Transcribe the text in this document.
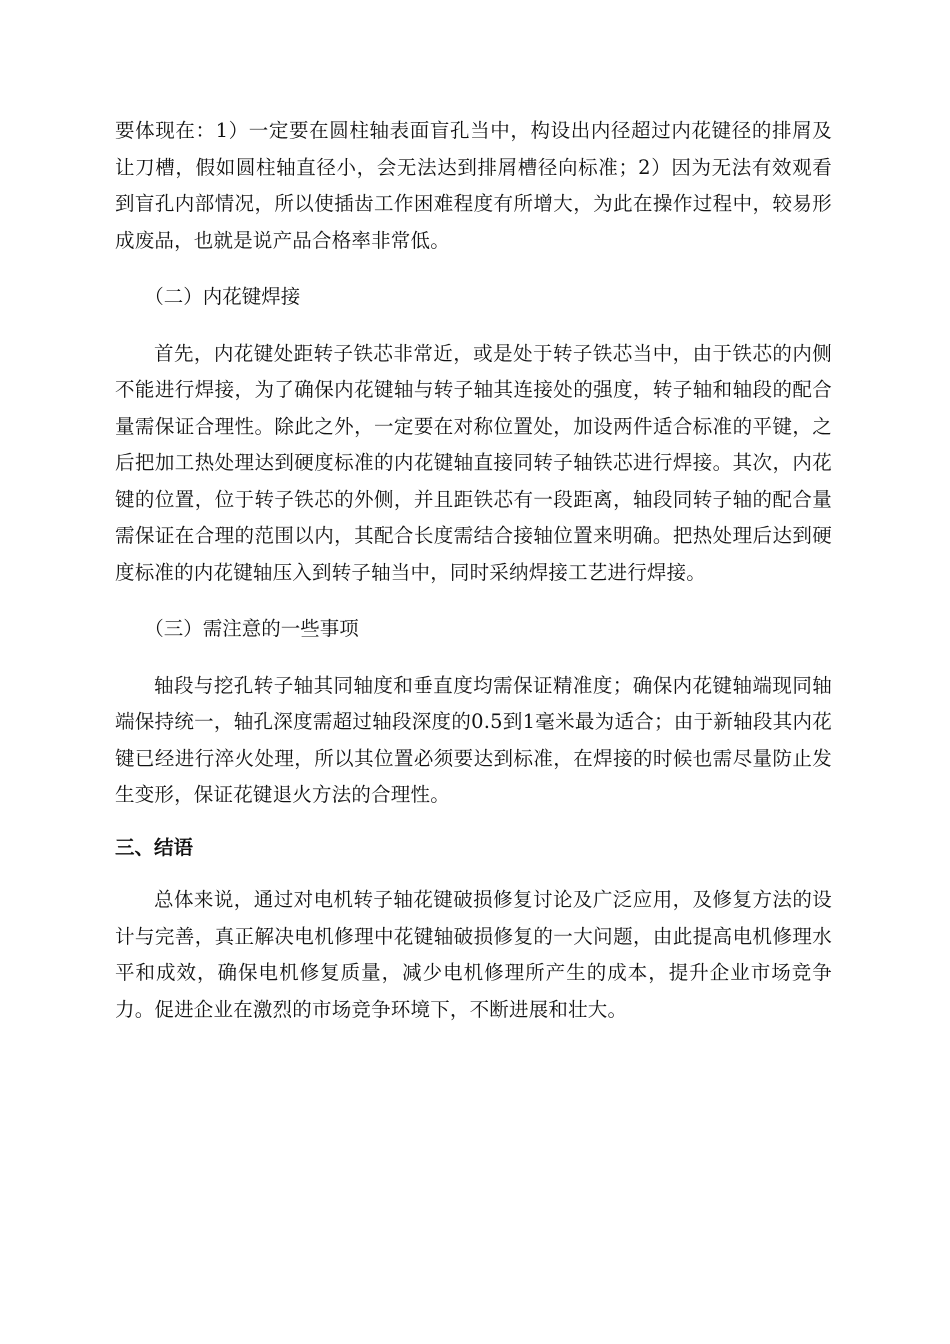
要体现在：1）一定要在圆柱轴表面盲孔当中，构设出内径超过内花键径的排屑及让刀槽，假如圆柱轴直径小，会无法达到排屑槽径向标准；2）因为无法有效观看到盲孔内部情况，所以使插齿工作困难程度有所增大，为此在操作过程中，较易形成废品，也就是说产品合格率非常低。

（二）内花键焊接

首先，内花键处距转子铁芯非常近，或是处于转子铁芯当中，由于铁芯的内侧不能进行焊接，为了确保内花键轴与转子轴其连接处的强度，转子轴和轴段的配合量需保证合理性。除此之外，一定要在对称位置处，加设两件适合标准的平键，之后把加工热处理达到硬度标准的内花键轴直接同转子轴铁芯进行焊接。其次，内花键的位置，位于转子铁芯的外侧，并且距铁芯有一段距离，轴段同转子轴的配合量需保证在合理的范围以内，其配合长度需结合接轴位置来明确。把热处理后达到硬度标准的内花键轴压入到转子轴当中，同时采纳焊接工艺进行焊接。

（三）需注意的一些事项

轴段与挖孔转子轴其同轴度和垂直度均需保证精准度；确保内花键轴端现同轴端保持统一，轴孔深度需超过轴段深度的0.5到1毫米最为适合；由于新轴段其内花键已经进行淬火处理，所以其位置必须要达到标准，在焊接的时候也需尽量防止发生变形，保证花键退火方法的合理性。

三、结语

总体来说，通过对电机转子轴花键破损修复讨论及广泛应用，及修复方法的设计与完善，真正解决电机修理中花键轴破损修复的一大问题，由此提高电机修理水平和成效，确保电机修复质量，减少电机修理所产生的成本，提升企业市场竞争力。促进企业在激烈的市场竞争环境下，不断进展和壮大。
